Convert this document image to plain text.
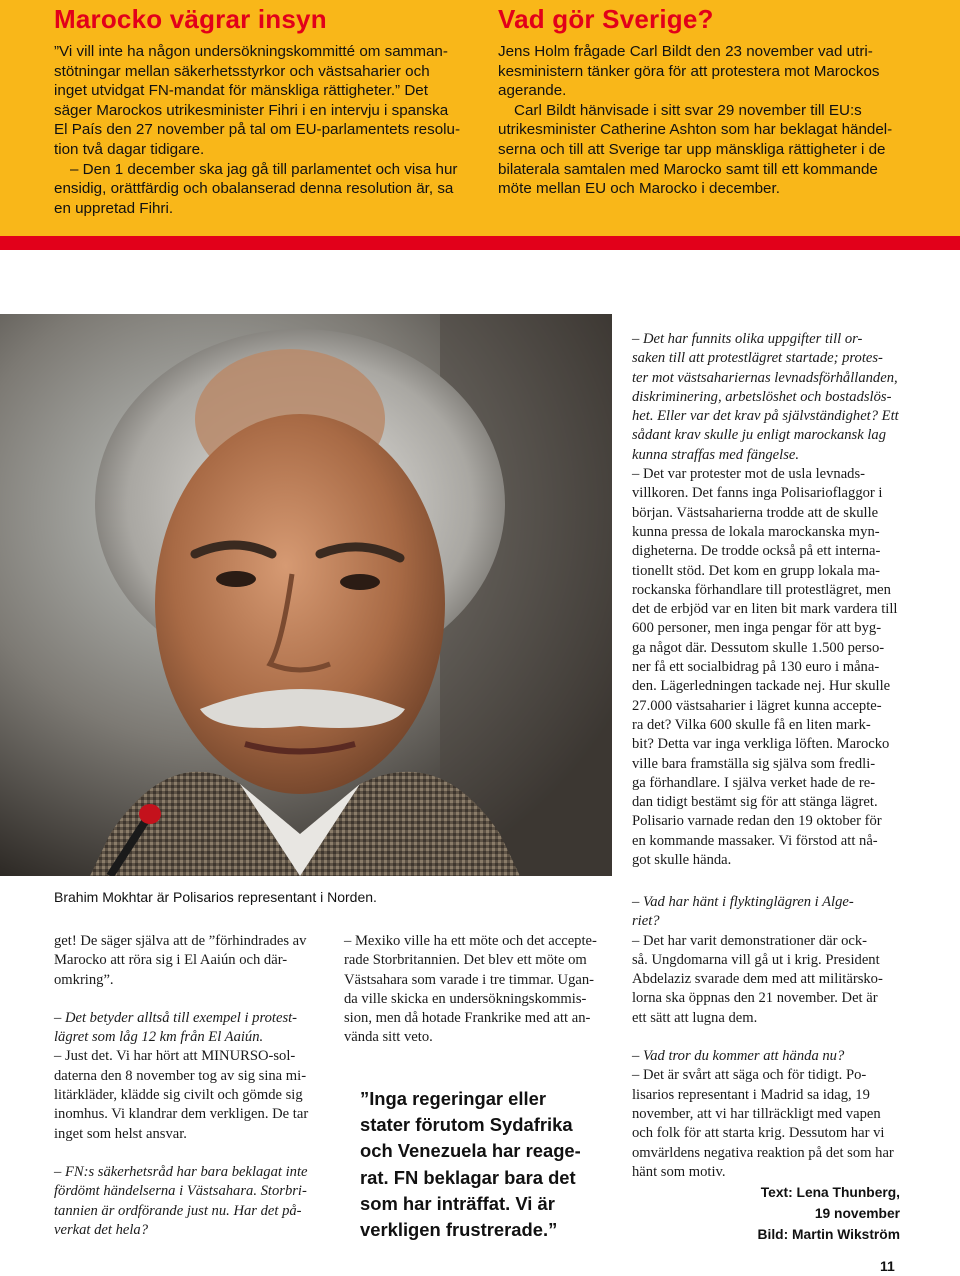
Marocko vägrar insyn

”Vi vill inte ha någon undersökningskommitté om samman-
stötningar mellan säkerhetsstyrkor och västsaharier och
inget utvidgat FN-mandat för mänskliga rättigheter.” Det
säger Marockos utrikesminister Fihri i en intervju i spanska
El País den 27 november på tal om EU-parlamentets resolu-
tion två dagar tidigare.

– Den 1 december ska jag gå till parlamentet och visa hur
ensidig, orättfärdig och obalanserad denna resolution är, sa
en uppretad Fihri.

Vad gör Sverige?

Jens Holm frågade Carl Bildt den 23 november vad utri-
kesministern tänker göra för att protestera mot Marockos
agerande.

Carl Bildt hänvisade i sitt svar 29 november till EU:s
utrikesminister Catherine Ashton som har beklagat händel-
serna och till att Sverige tar upp mänskliga rättigheter i de
bilaterala samtalen med Marocko samt till ett kommande
möte mellan EU och Marocko i december.

Brahim Mokhtar är Polisarios representant i Norden.

– Det har funnits olika uppgifter till or-
saken till att protestlägret startade; protes-
ter mot västsahariernas levnadsförhållanden,
diskriminering, arbetslöshet och bostadslös-
het. Eller var det krav på självständighet? Ett
sådant krav skulle ju enligt marockansk lag
kunna straffas med fängelse.

– Det var protester mot de usla levnads-
villkoren. Det fanns inga Polisarioflaggor i
början. Västsaharierna trodde att de skulle
kunna pressa de lokala marockanska myn-
digheterna. De trodde också på ett interna-
tionellt stöd. Det kom en grupp lokala ma-
rockanska förhandlare till protestlägret, men
det de erbjöd var en liten bit mark vardera till
600 personer, men inga pengar för att byg-
ga något där. Dessutom skulle 1.500 perso-
ner få ett socialbidrag på 130 euro i måna-
den. Lägerledningen tackade nej. Hur skulle
27.000 västsaharier i lägret kunna accepte-
ra det? Vilka 600 skulle få en liten mark-
bit? Detta var inga verkliga löften. Marocko
ville bara framställa sig själva som fredli-
ga förhandlare. I själva verket hade de re-
dan tidigt bestämt sig för att stänga lägret.
Polisario varnade redan den 19 oktober för
en kommande massaker. Vi förstod att nå-
got skulle hända.

get! De säger själva att de ”förhindrades av
Marocko att röra sig i El Aaiún och där-
omkring”.

– Det betyder alltså till exempel i protest-
lägret som låg 12 km från El Aaiún.

– Just det. Vi har hört att MINURSO-sol-
daterna den 8 november tog av sig sina mi-
litärkläder, klädde sig civilt och gömde sig
inomhus. Vi klandrar dem verkligen. De tar
inget som helst ansvar.

– FN:s säkerhetsråd har bara beklagat inte
fördömt händelserna i Västsahara. Storbri-
tannien är ordförande just nu. Har det på-
verkat det hela?

– Mexiko ville ha ett möte och det accepte-
rade Storbritannien. Det blev ett möte om
Västsahara som varade i tre timmar. Ugan-
da ville skicka en undersökningskommis-
sion, men då hotade Frankrike med att an-
vända sitt veto.

”Inga regeringar eller
stater förutom Sydafrika
och Venezuela har reage-
rat. FN beklagar bara det
som har inträffat. Vi är
verkligen frustrerade.”

– Vad har hänt i flyktinglägren i Alge-
riet?

– Det har varit demonstrationer där ock-
så. Ungdomarna vill gå ut i krig. President
Abdelaziz svarade dem med att militärsko-
lorna ska öppnas den 21 november. Det är
ett sätt att lugna dem.

– Vad tror du kommer att hända nu?

– Det är svårt att säga och för tidigt. Po-
lisarios representant i Madrid sa idag, 19
november, att vi har tillräckligt med vapen
och folk för att starta krig. Dessutom har vi
omvärldens negativa reaktion på det som har
hänt som motiv.

Text: Lena Thunberg,

19 november

Bild: Martin Wikström

11
